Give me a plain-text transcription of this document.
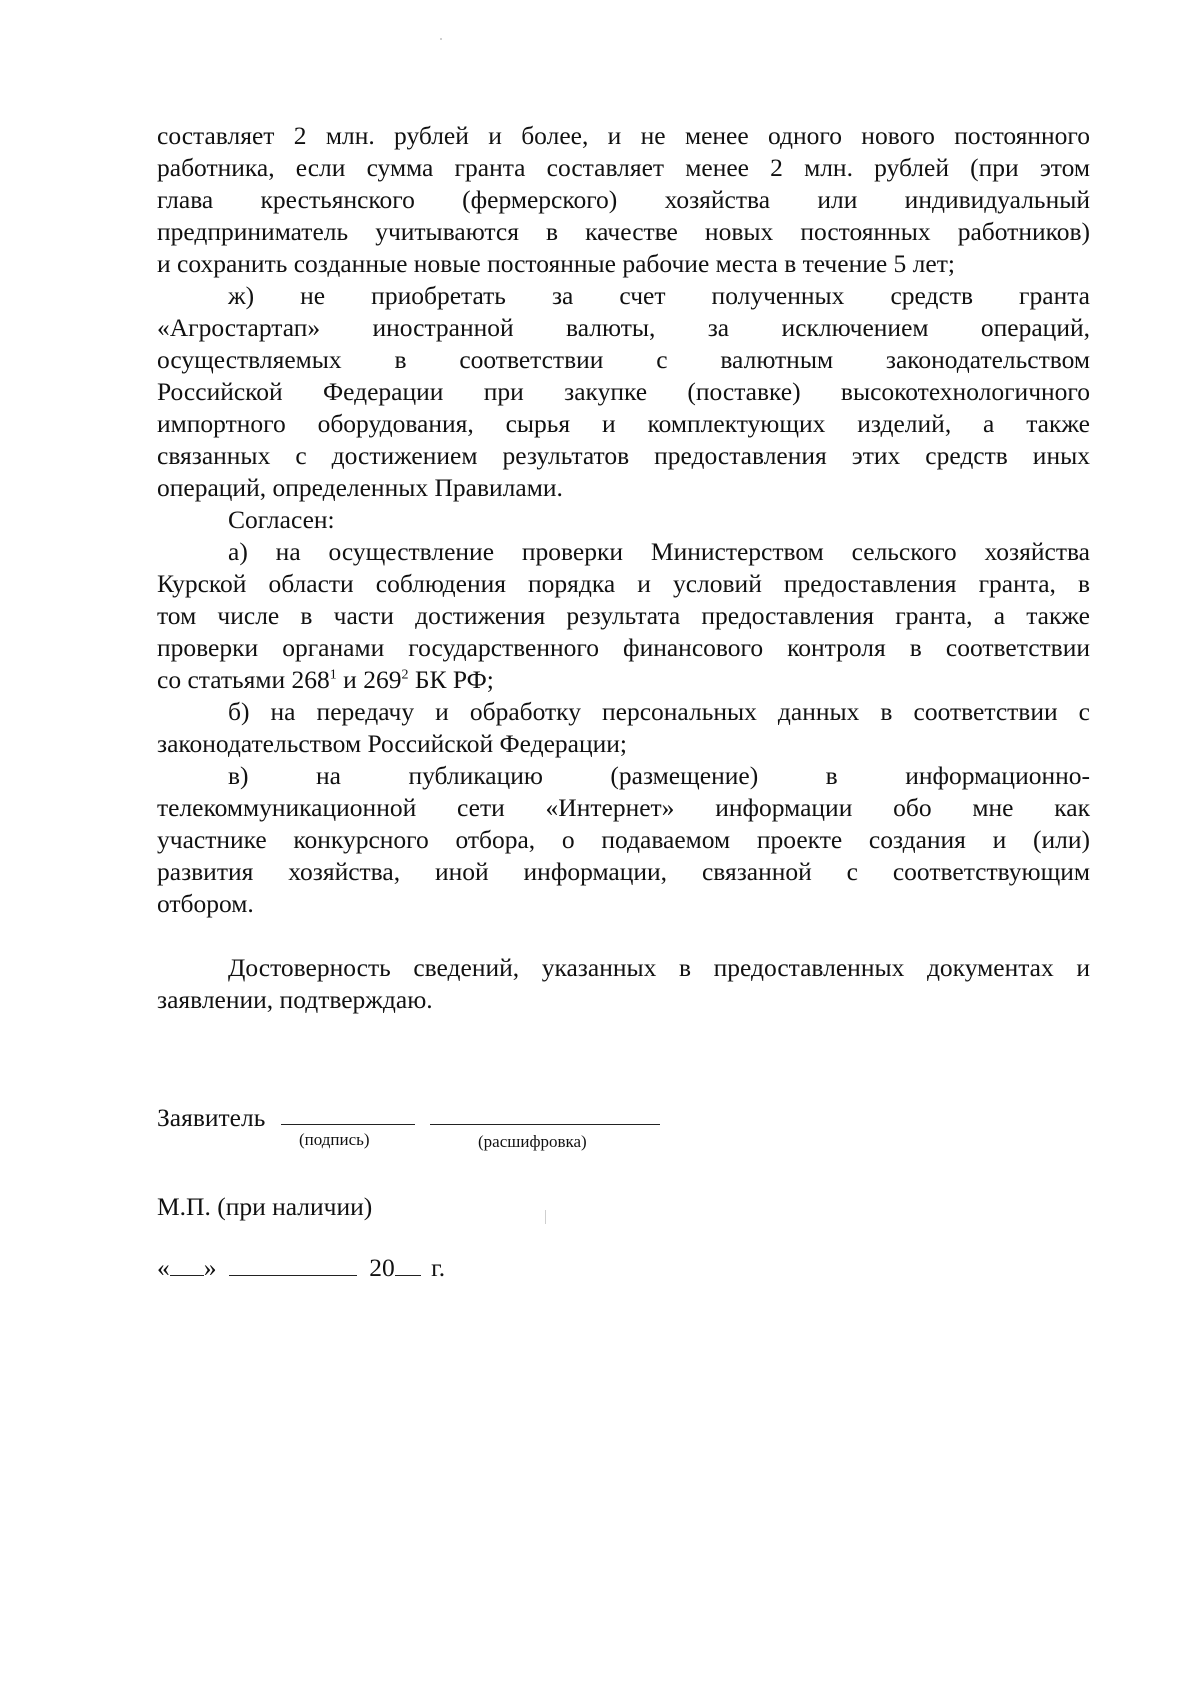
составляет 2 млн. рублей и более, и не менее одного нового постоянного
работника, если сумма гранта составляет менее 2 млн. рублей (при этом
глава крестьянского (фермерского) хозяйства или индивидуальный
предприниматель учитываются в качестве новых постоянных работников)
и сохранить созданные новые постоянные рабочие места в течение 5 лет;
ж) не приобретать за счет полученных средств гранта
«Агростартап» иностранной валюты, за исключением операций,
осуществляемых в соответствии с валютным законодательством
Российской Федерации при закупке (поставке) высокотехнологичного
импортного оборудования, сырья и комплектующих изделий, а также
связанных с достижением результатов предоставления этих средств иных
операций, определенных Правилами.
Согласен:
а) на осуществление проверки Министерством сельского хозяйства
Курской области соблюдения порядка и условий предоставления гранта, в
том числе в части достижения результата предоставления гранта, а также
проверки органами государственного финансового контроля в соответствии
со статьями $268^1$ и $269^2$ БК РФ;
б) на передачу и обработку персональных данных в соответствии с
законодательством Российской Федерации;
в) на публикацию (размещение) в информационно-
телекоммуникационной сети «Интернет» информации обо мне как
участнике конкурсного отбора, о подаваемом проекте создания и (или)
развития хозяйства, иной информации, связанной с соответствующим
отбором.
Достоверность сведений, указанных в предоставленных документах и
заявлении, подтверждаю.
Заявитель
(подпись)	(расшифровка)
М.П. (при наличии)
« »	20 г.
